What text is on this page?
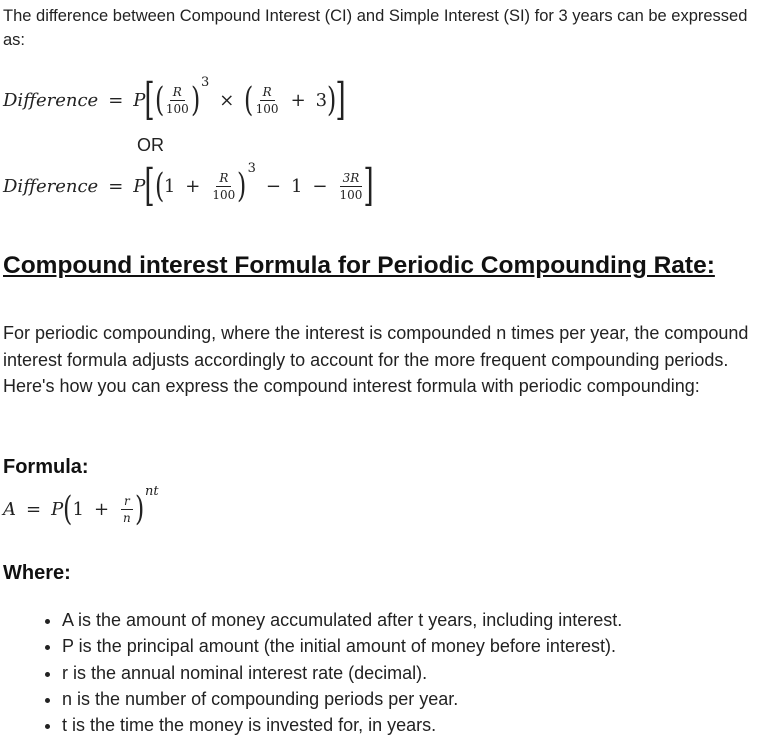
The difference between Compound Interest (CI) and Simple Interest (SI) for 3 years can be expressed as:
Difference = P [ ( $\frac{R}{100}$ ) 3
× ( $\frac{R}{100} + 3$ ) ]
OR
Difference = P [ ( $1 + \frac{R}{100}$ ) 3
− $1 - \frac{3R}{100}$ ]
Compound interest Formula for Periodic Compounding Rate:
For periodic compounding, where the interest is compounded n times per year, the compound interest formula adjusts accordingly to account for the more frequent compounding periods. Here's how you can express the compound interest formula with periodic compounding:
Formula:
A = P ( $1 + \frac{r}{n}$ ) nt
Where:
• A is the amount of money accumulated after t years, including interest.
• P is the principal amount (the initial amount of money before interest).
• r is the annual nominal interest rate (decimal).
• n is the number of compounding periods per year.
• t is the time the money is invested for, in years.
